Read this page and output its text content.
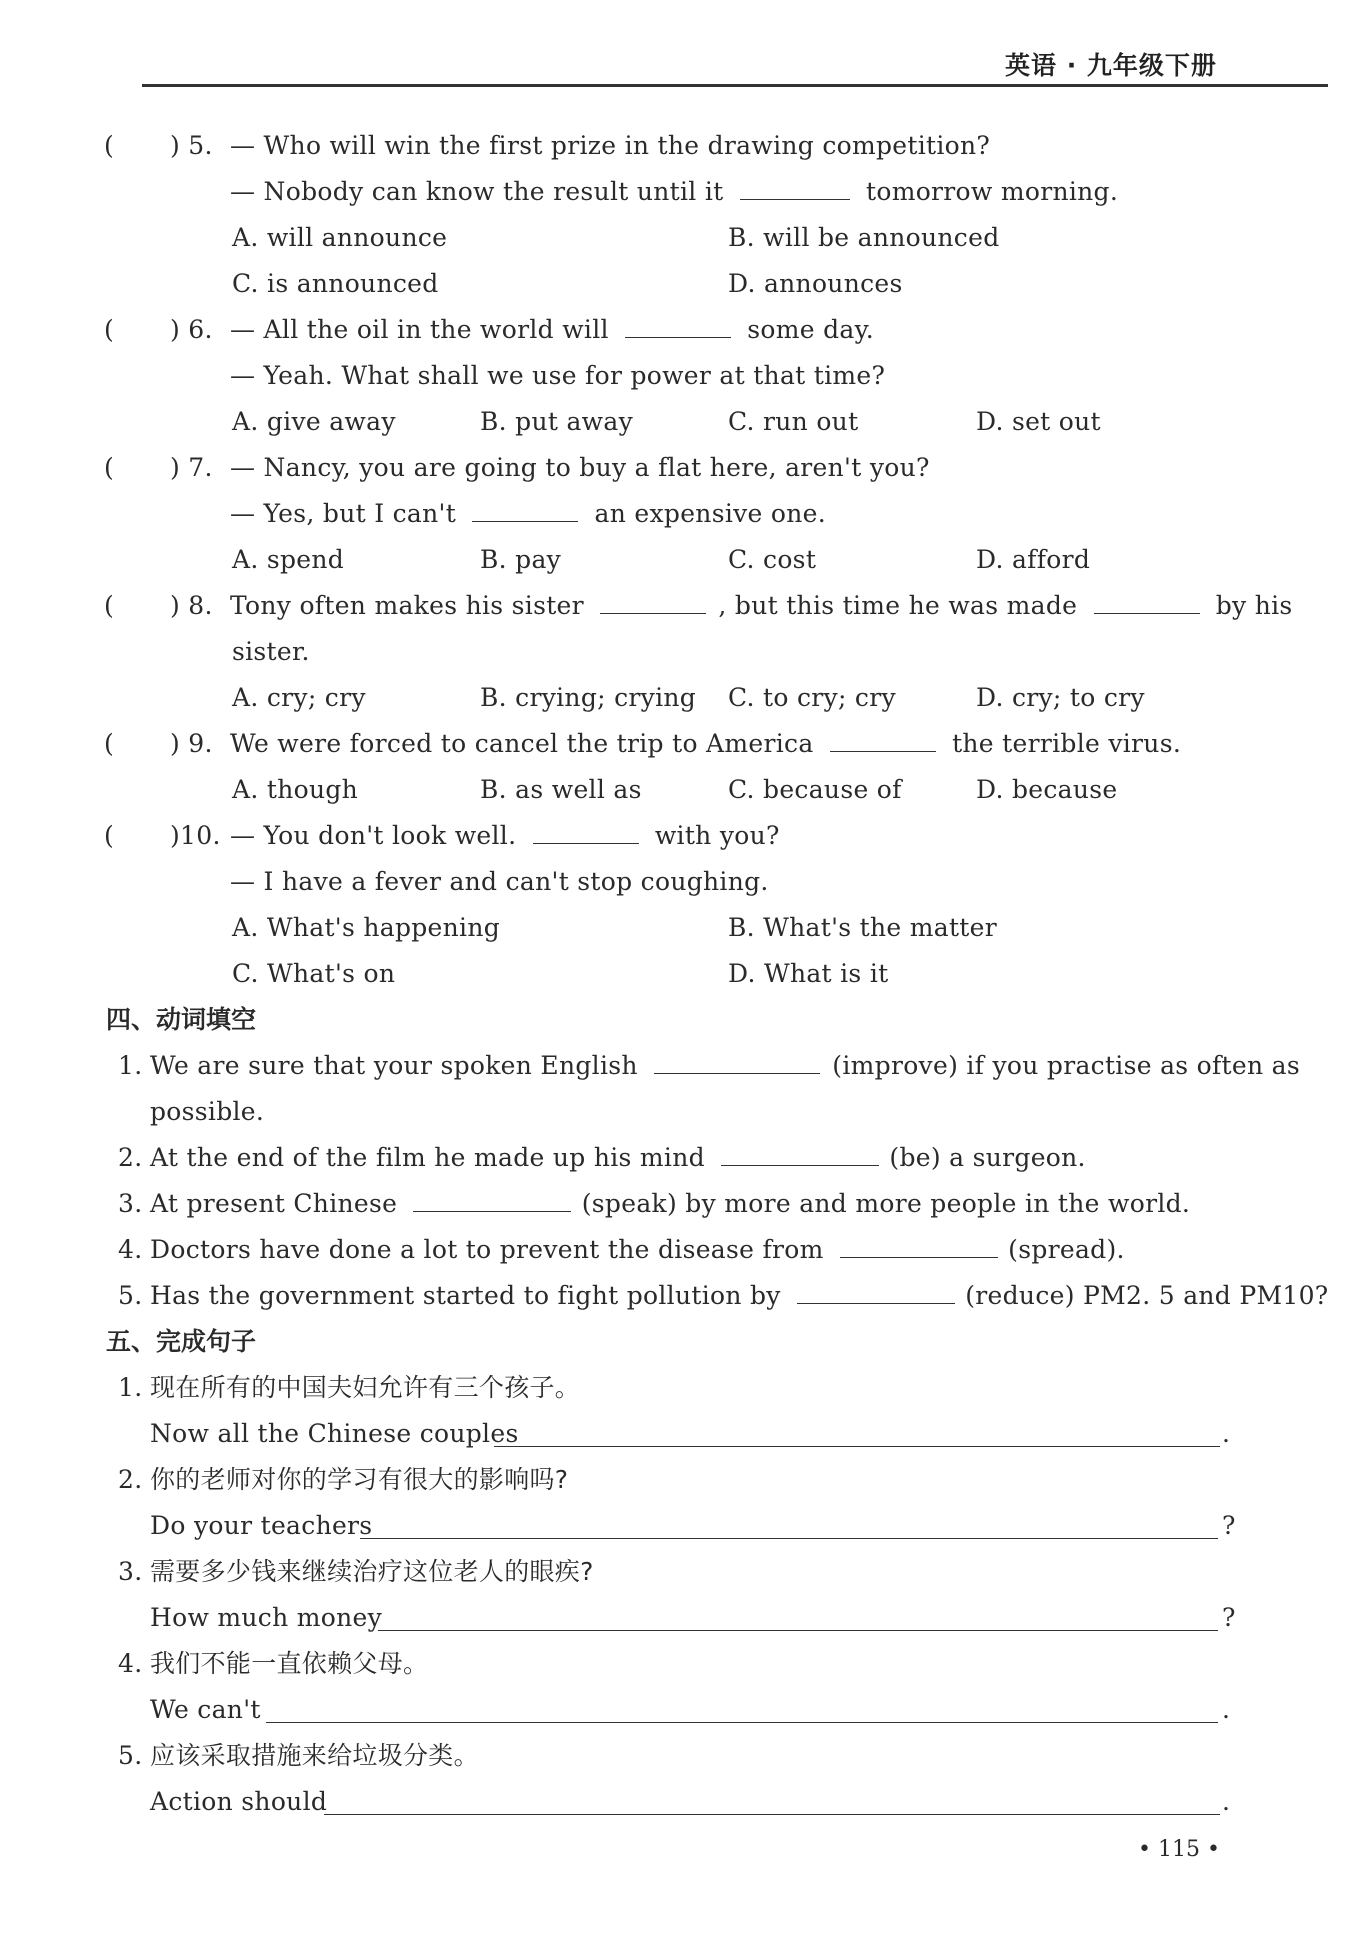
英语 · 九年级下册
( ) 5. — Who will win the first prize in the drawing competition?
— Nobody can know the result until it	tomorrow morning.
A. will announce	B. will be announced
C. is announced	D. announces
( ) 6. — All the oil in the world will	some day.
— Yeah. What shall we use for power at that time?
A. give away	B. put away	C. run out	D. set out
( ) 7. — Nancy, you are going to buy a flat here, aren't you?
— Yes, but I can't	an expensive one.
A. spend	B. pay	C. cost	D. afford
( ) 8. Tony often makes his sister	, but this time he was made	by his
sister.
A. cry; cry	B. crying; crying C. to cry; cry	D. cry; to cry
( ) 9. We were forced to cancel the trip to America	the terrible virus.
A. though	B. as well as	C. because of	D. because
( )10. — You don't look well.	with you?
— I have a fever and can't stop coughing.
A. What's happening	B. What's the matter
C. What's on	D. What is it
四、动词填空
1. We are sure that your spoken English	(improve) if you practise as often as
possible.
2. At the end of the film he made up his mind	(be) a surgeon.
3. At present Chinese	(speak) by more and more people in the world.
4. Doctors have done a lot to prevent the disease from	(spread).
5. Has the government started to fight pollution by	(reduce) PM2. 5 and PM10?
五、完成句子
1. 现在所有的中国夫妇允许有三个孩子。
Now all the Chinese couples	.
2. 你的老师对你的学习有很大的影响吗?
Do your teachers	?
3. 需要多少钱来继续治疗这位老人的眼疾?
How much money	?
4. 我们不能一直依赖父母。
We can't	.
5. 应该采取措施来给垃圾分类。
Action should	.
• 115 •
